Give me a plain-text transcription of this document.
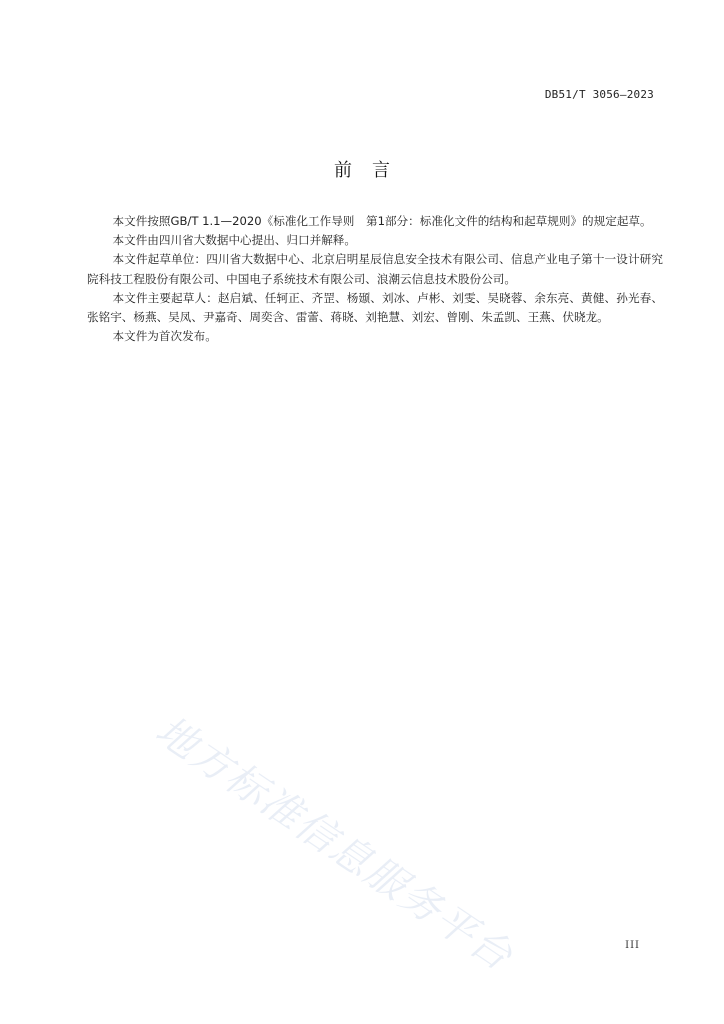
DB51/T 3056—2023
前言

本文件按照GB/T 1.1—2020《标准化工作导则　第1部分：标准化文件的结构和起草规则》的规定起草。

本文件由四川省大数据中心提出、归口并解释。

本文件起草单位：四川省大数据中心、北京启明星辰信息安全技术有限公司、信息产业电子第十一设计研究院科技工程股份有限公司、中国电子系统技术有限公司、浪潮云信息技术股份公司。

本文件主要起草人：赵启斌、任轲正、齐罡、杨颋、刘冰、卢彬、刘雯、吴晓蓉、余东亮、黄健、孙光春、张铭宇、杨燕、吴凤、尹嘉奇、周奕含、雷蕾、蒋晓、刘艳慧、刘宏、曾刚、朱孟凯、王燕、伏晓龙。

本文件为首次发布。

地方标准信息服务平台	III
